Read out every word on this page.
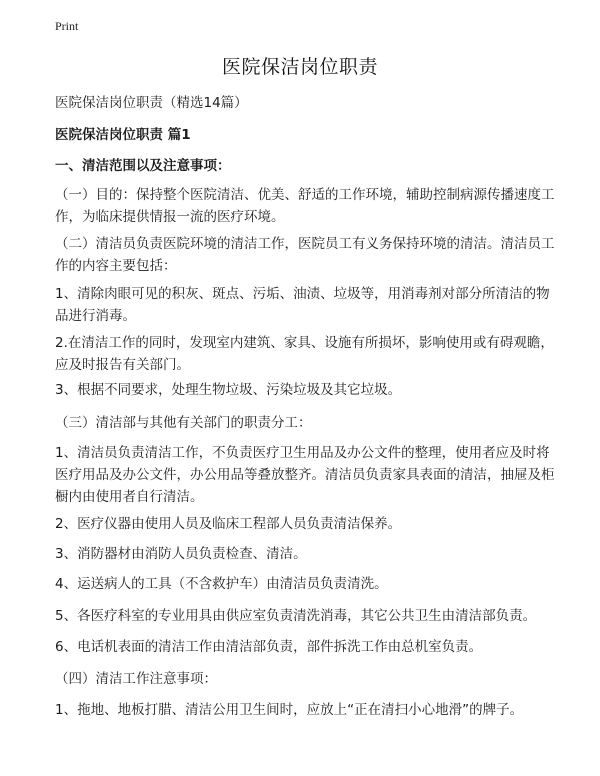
Print
医院保洁岗位职责
医院保洁岗位职责（精选14篇）
医院保洁岗位职责 篇1
一、清洁范围以及注意事项：
（一）目的：保持整个医院清洁、优美、舒适的工作环境，辅助控制病源传播速度工作，为临床提供情报一流的医疗环境。
（二）清洁员负责医院环境的清洁工作，医院员工有义务保持环境的清洁。清洁员工作的内容主要包括：
1、清除肉眼可见的积灰、斑点、污垢、油渍、垃圾等，用消毒剂对部分所清洁的物品进行消毒。
2.在清洁工作的同时，发现室内建筑、家具、设施有所损坏，影响使用或有碍观瞻，应及时报告有关部门。
3、根据不同要求，处理生物垃圾、污染垃圾及其它垃圾。
（三）清洁部与其他有关部门的职责分工：
1、清洁员负责清洁工作，不负责医疗卫生用品及办公文件的整理，使用者应及时将医疗用品及办公文件，办公用品等叠放整齐。清洁员负责家具表面的清洁，抽屉及柜橱内由使用者自行清洁。
2、医疗仪器由使用人员及临床工程部人员负责清洁保养。
3、消防器材由消防人员负责检查、清洁。
4、运送病人的工具（不含救护车）由清洁员负责清洗。
5、各医疗科室的专业用具由供应室负责清洗消毒，其它公共卫生由清洁部负责。
6、电话机表面的清洁工作由清洁部负责，部件拆洗工作由总机室负责。
（四）清洁工作注意事项：
1、拖地、地板打腊、清洁公用卫生间时，应放上“正在清扫小心地滑”的牌子。
